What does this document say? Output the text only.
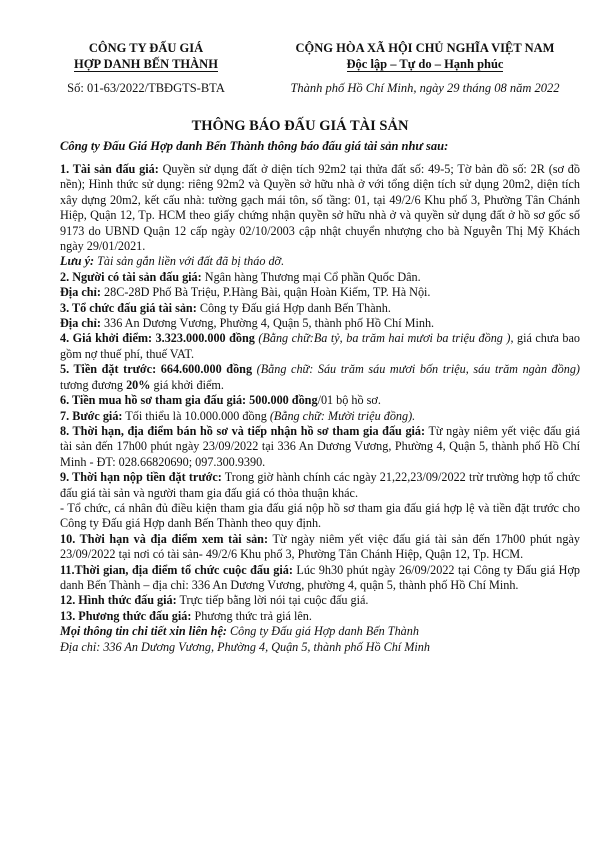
CÔNG TY ĐẤU GIÁ
HỢP DANH BẾN THÀNH
Số: 01-63/2022/TBĐGTS-BTA
CỘNG HÒA XÃ HỘI CHỦ NGHĨA VIỆT NAM
Độc lập – Tự do – Hạnh phúc
Thành phố Hồ Chí Minh, ngày 29 tháng 08 năm 2022
THÔNG BÁO ĐẤU GIÁ TÀI SẢN
Công ty Đấu Giá Hợp danh Bến Thành thông báo đấu giá tài sản như sau:

1. Tài sản đấu giá: Quyền sử dụng đất ở diện tích 92m2 tại thửa đất số: 49-5; Tờ bản đồ số: 2R (sơ đồ nền); Hình thức sử dụng: riêng 92m2 và Quyền sở hữu nhà ở với tổng diện tích sử dụng 20m2, diện tích xây dựng 20m2, kết cấu nhà: tường gạch mái tôn, số tầng: 01, tại 49/2/6 Khu phố 3, Phường Tân Chánh Hiệp, Quận 12, Tp. HCM theo giấy chứng nhận quyền sở hữu nhà ở và quyền sử dụng đất ở hồ sơ gốc số 9173 do UBND Quận 12 cấp ngày 02/10/2003 cập nhật chuyển nhượng cho bà Nguyễn Thị Mỹ Khách ngày 29/01/2021.

Lưu ý: Tài sản gắn liền với đất đã bị tháo dỡ.

2. Người có tài sản đấu giá: Ngân hàng Thương mại Cổ phần Quốc Dân.

Địa chỉ: 28C-28D Phố Bà Triệu, P.Hàng Bài, quận Hoàn Kiếm, TP. Hà Nội.

3. Tổ chức đấu giá tài sản: Công ty Đấu giá Hợp danh Bến Thành.

Địa chỉ: 336 An Dương Vương, Phường 4, Quận 5, thành phố Hồ Chí Minh.

4. Giá khởi điểm: 3.323.000.000 đồng (Bằng chữ:Ba tỷ, ba trăm hai mươi ba triệu đồng ), giá chưa bao gồm nợ thuế phí, thuế VAT.

5. Tiền đặt trước: 664.600.000 đồng (Bằng chữ: Sáu trăm sáu mươi bốn triệu, sáu trăm ngàn đồng) tương đương 20% giá khởi điểm.

6. Tiền mua hồ sơ tham gia đấu giá: 500.000 đồng/01 bộ hồ sơ.

7. Bước giá: Tối thiểu là 10.000.000 đồng (Bằng chữ: Mười triệu đồng).

8. Thời hạn, địa điểm bán hồ sơ và tiếp nhận hồ sơ tham gia đấu giá: Từ ngày niêm yết việc đấu giá tài sản đến 17h00 phút ngày 23/09/2022 tại 336 An Dương Vương, Phường 4, Quận 5, thành phố Hồ Chí Minh - ĐT: 028.66820690; 097.300.9390.

9. Thời hạn nộp tiền đặt trước: Trong giờ hành chính các ngày 21,22,23/09/2022 trừ trường hợp tổ chức đấu giá tài sản và người tham gia đấu giá có thỏa thuận khác.

- Tổ chức, cá nhân đủ điều kiện tham gia đấu giá nộp hồ sơ tham gia đấu giá hợp lệ và tiền đặt trước cho Công ty Đấu giá Hợp danh Bến Thành theo quy định.

10. Thời hạn và địa điểm xem tài sản: Từ ngày niêm yết việc đấu giá tài sản đến 17h00 phút ngày 23/09/2022 tại nơi có tài sản- 49/2/6 Khu phố 3, Phường Tân Chánh Hiệp, Quận 12, Tp. HCM.

11.Thời gian, địa điểm tổ chức cuộc đấu giá: Lúc 9h30 phút ngày 26/09/2022 tại Công ty Đấu giá Hợp danh Bến Thành – địa chỉ: 336 An Dương Vương, phường 4, quận 5, thành phố Hồ Chí Minh.

12. Hình thức đấu giá: Trực tiếp bằng lời nói tại cuộc đấu giá.

13. Phương thức đấu giá: Phương thức trả giá lên.

Mọi thông tin chi tiết xin liên hệ: Công ty Đấu giá Hợp danh Bến Thành

Địa chỉ: 336 An Dương Vương, Phường 4, Quận 5, thành phố Hồ Chí Minh
